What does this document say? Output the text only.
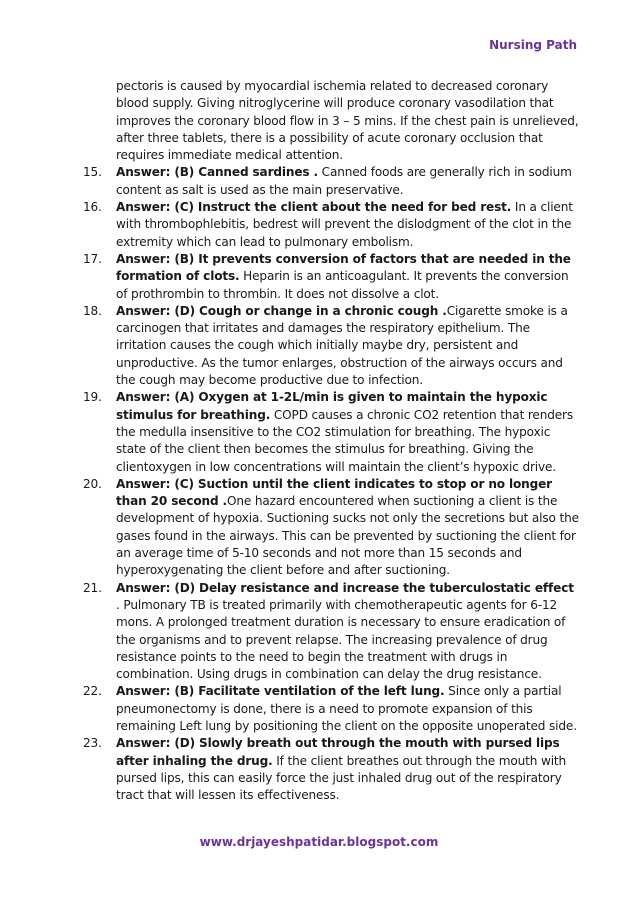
Nursing Path

pectoris is caused by myocardial ischemia related to decreased coronary blood supply. Giving nitroglycerine will produce coronary vasodilation that improves the coronary blood flow in 3 – 5 mins. If the chest pain is unrelieved, after three tablets, there is a possibility of acute coronary occlusion that requires immediate medical attention.

15. Answer: (B) Canned sardines . Canned foods are generally rich in sodium content as salt is used as the main preservative.

16. Answer: (C) Instruct the client about the need for bed rest. In a client with thrombophlebitis, bedrest will prevent the dislodgment of the clot in the extremity which can lead to pulmonary embolism.

17. Answer: (B) It prevents conversion of factors that are needed in the formation of clots. Heparin is an anticoagulant. It prevents the conversion of prothrombin to thrombin. It does not dissolve a clot.

18. Answer: (D) Cough or change in a chronic cough .Cigarette smoke is a carcinogen that irritates and damages the respiratory epithelium. The irritation causes the cough which initially maybe dry, persistent and unproductive. As the tumor enlarges, obstruction of the airways occurs and the cough may become productive due to infection.

19. Answer: (A) Oxygen at 1-2L/min is given to maintain the hypoxic stimulus for breathing. COPD causes a chronic CO2 retention that renders the medulla insensitive to the CO2 stimulation for breathing. The hypoxic state of the client then becomes the stimulus for breathing. Giving the clientoxygen in low concentrations will maintain the client’s hypoxic drive.

20. Answer: (C) Suction until the client indicates to stop or no longer than 20 second .One hazard encountered when suctioning a client is the development of hypoxia. Suctioning sucks not only the secretions but also the gases found in the airways. This can be prevented by suctioning the client for an average time of 5-10 seconds and not more than 15 seconds and hyperoxygenating the client before and after suctioning.

21. Answer: (D) Delay resistance and increase the tuberculostatic effect
. Pulmonary TB is treated primarily with chemotherapeutic agents for 6-12 mons. A prolonged treatment duration is necessary to ensure eradication of the organisms and to prevent relapse. The increasing prevalence of drug resistance points to the need to begin the treatment with drugs in combination. Using drugs in combination can delay the drug resistance.

22. Answer: (B) Facilitate ventilation of the left lung. Since only a partial pneumonectomy is done, there is a need to promote expansion of this remaining Left lung by positioning the client on the opposite unoperated side.

23. Answer: (D) Slowly breath out through the mouth with pursed lips after inhaling the drug. If the client breathes out through the mouth with pursed lips, this can easily force the just inhaled drug out of the respiratory tract that will lessen its effectiveness.

www.drjayeshpatidar.blogspot.com
